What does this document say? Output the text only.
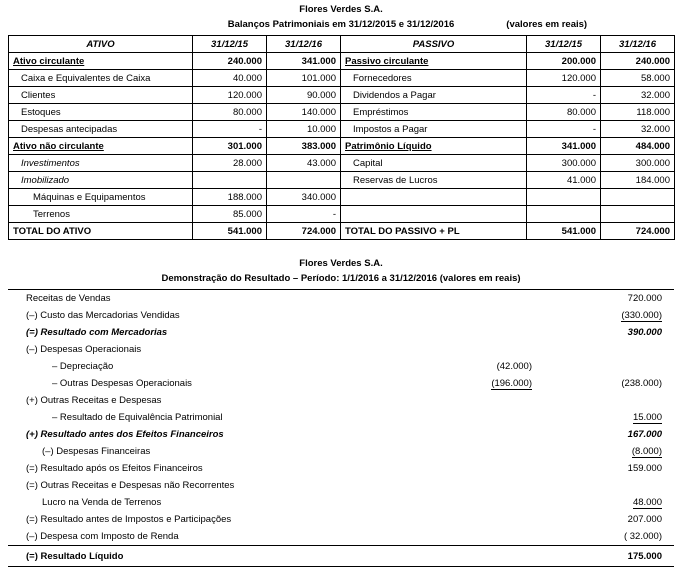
Flores Verdes S.A.
Balanços Patrimoniais em 31/12/2015 e 31/12/2016	(valores em reais)
ATIVO	31/12/15	31/12/16	PASSIVO	31/12/15	31/12/16
Ativo circulante	240.000	341.000	Passivo circulante	200.000	240.000
Caixa e Equivalentes de Caixa	40.000	101.000	Fornecedores	120.000	58.000
Clientes	120.000	90.000	Dividendos a Pagar	-	32.000
Estoques	80.000	140.000	Empréstimos	80.000	118.000
Despesas antecipadas	-	10.000	Impostos a Pagar	-	32.000
Ativo não circulante	301.000	383.000	Patrimônio Líquido	341.000	484.000
Investimentos	28.000	43.000	Capital	300.000	300.000
Imobilizado			Reservas de Lucros	41.000	184.000
Máquinas e Equipamentos	188.000	340.000			
Terrenos	85.000	-			
TOTAL DO ATIVO	541.000	724.000	TOTAL DO PASSIVO + PL	541.000	724.000
Flores Verdes S.A.
Demonstração do Resultado – Período: 1/1/2016 a 31/12/2016 (valores em reais)
Receitas de Vendas		720.000
(–) Custo das Mercadorias Vendidas		(330.000)
(=) Resultado com Mercadorias		390.000
(–) Despesas Operacionais		
– Depreciação	(42.000)	
– Outras Despesas Operacionais	(196.000)	(238.000)
(+) Outras Receitas e Despesas		
– Resultado de Equivalência Patrimonial		15.000
(+) Resultado antes dos Efeitos Financeiros		167.000
(–) Despesas Financeiras		(8.000)
(=) Resultado após os Efeitos Financeiros		159.000
(=) Outras Receitas e Despesas não Recorrentes		
Lucro na Venda de Terrenos		48.000
(=) Resultado antes de Impostos e Participações		207.000
(–) Despesa com Imposto de Renda		( 32.000)
(=) Resultado Líquido		175.000
